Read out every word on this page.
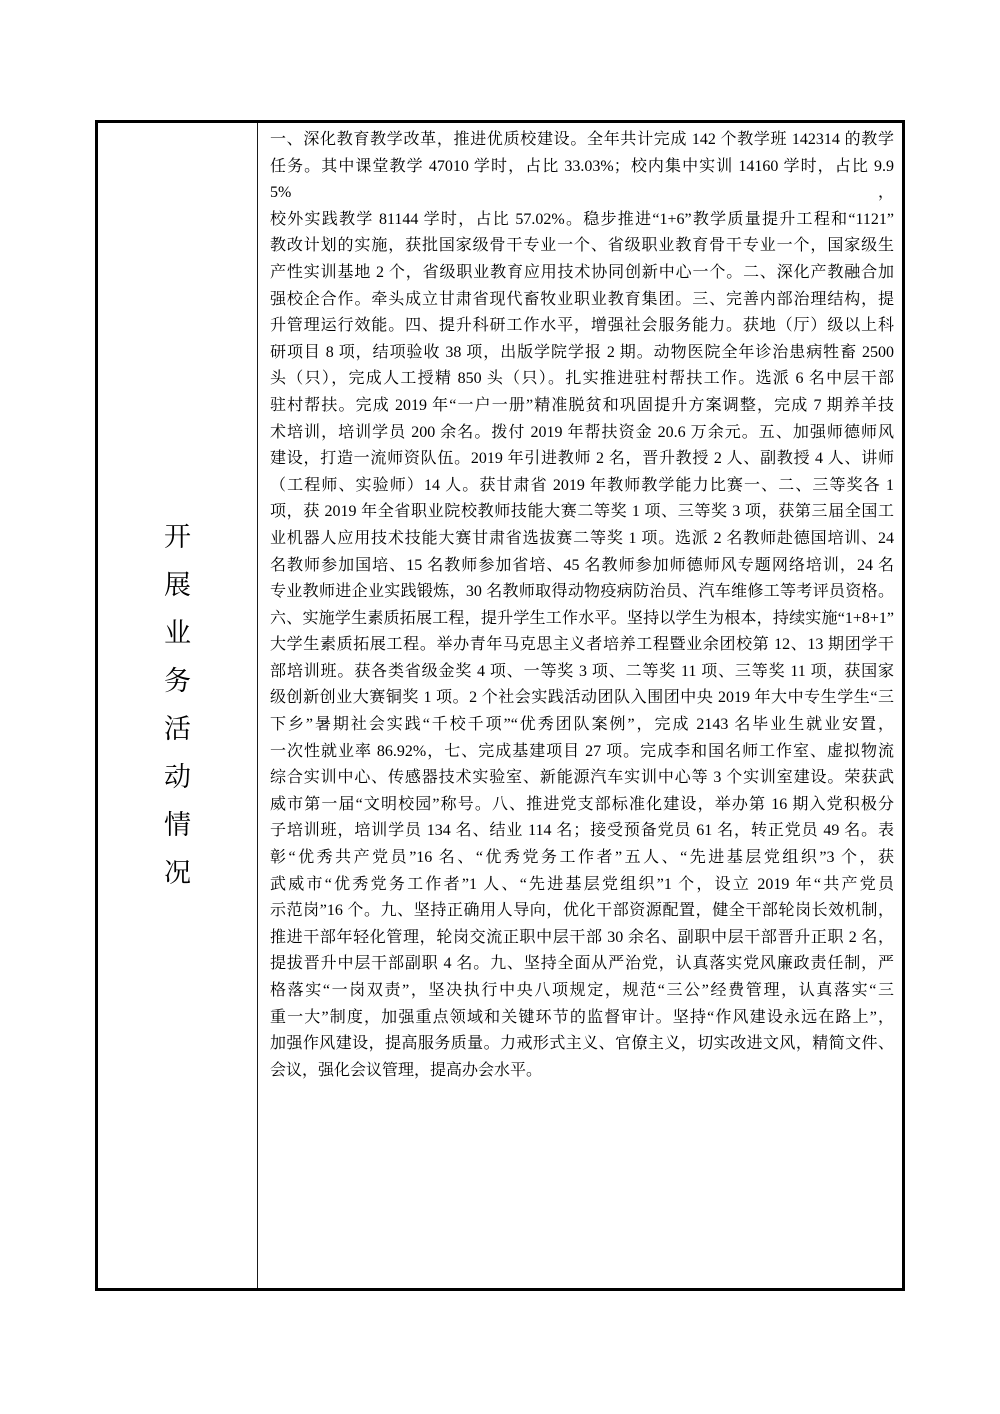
开
展
业
务
活
动
情
况
一、深化教育教学改革，推进优质校建设。全年共计完成 142 个教学班 142314 的教学
任务。其中课堂教学 47010 学时，占比 33.03%；校内集中实训 14160 学时，占比 9.95%，
校外实践教学 81144 学时，占比 57.02%。稳步推进“1+6”教学质量提升工程和“1121”
教改计划的实施，获批国家级骨干专业一个、省级职业教育骨干专业一个，国家级生
产性实训基地 2 个，省级职业教育应用技术协同创新中心一个。二、深化产教融合加
强校企合作。牵头成立甘肃省现代畜牧业职业教育集团。三、完善内部治理结构，提
升管理运行效能。四、提升科研工作水平，增强社会服务能力。获地（厅）级以上科
研项目 8 项，结项验收 38 项，出版学院学报 2 期。动物医院全年诊治患病牲畜 2500
头（只），完成人工授精 850 头（只）。扎实推进驻村帮扶工作。选派 6 名中层干部
驻村帮扶。完成 2019 年“一户一册”精准脱贫和巩固提升方案调整，完成 7 期养羊技
术培训，培训学员 200 余名。拨付 2019 年帮扶资金 20.6 万余元。五、加强师德师风
建设，打造一流师资队伍。2019 年引进教师 2 名，晋升教授 2 人、副教授 4 人、讲师
（工程师、实验师）14 人。获甘肃省 2019 年教师教学能力比赛一、二、三等奖各 1
项，获 2019 年全省职业院校教师技能大赛二等奖 1 项、三等奖 3 项，获第三届全国工
业机器人应用技术技能大赛甘肃省选拔赛二等奖 1 项。选派 2 名教师赴德国培训、24
名教师参加国培、15 名教师参加省培、45 名教师参加师德师风专题网络培训，24 名
专业教师进企业实践锻炼，30 名教师取得动物疫病防治员、汽车维修工等考评员资格。
六、实施学生素质拓展工程，提升学生工作水平。坚持以学生为根本，持续实施“1+8+1”
大学生素质拓展工程。举办青年马克思主义者培养工程暨业余团校第 12、13 期团学干
部培训班。获各类省级金奖 4 项、一等奖 3 项、二等奖 11 项、三等奖 11 项，获国家
级创新创业大赛铜奖 1 项。2 个社会实践活动团队入围团中央 2019 年大中专生学生“三
下乡”暑期社会实践“千校千项”“优秀团队案例”，完成 2143 名毕业生就业安置，
一次性就业率 86.92%，七、完成基建项目 27 项。完成李和国名师工作室、虚拟物流
综合实训中心、传感器技术实验室、新能源汽车实训中心等 3 个实训室建设。荣获武
威市第一届“文明校园”称号。八、推进党支部标准化建设，举办第 16 期入党积极分
子培训班，培训学员 134 名、结业 114 名；接受预备党员 61 名，转正党员 49 名。表
彰“优秀共产党员”16 名、“优秀党务工作者”五人、“先进基层党组织”3 个，获
武威市“优秀党务工作者”1 人、“先进基层党组织”1 个，设立 2019 年“共产党员
示范岗”16 个。九、坚持正确用人导向，优化干部资源配置，健全干部轮岗长效机制，
推进干部年轻化管理，轮岗交流正职中层干部 30 余名、副职中层干部晋升正职 2 名，
提拔晋升中层干部副职 4 名。九、坚持全面从严治党，认真落实党风廉政责任制，严
格落实“一岗双责”，坚决执行中央八项规定，规范“三公”经费管理，认真落实“三
重一大”制度，加强重点领域和关键环节的监督审计。坚持“作风建设永远在路上”，
加强作风建设，提高服务质量。力戒形式主义、官僚主义，切实改进文风，精简文件、
会议，强化会议管理，提高办会水平。
